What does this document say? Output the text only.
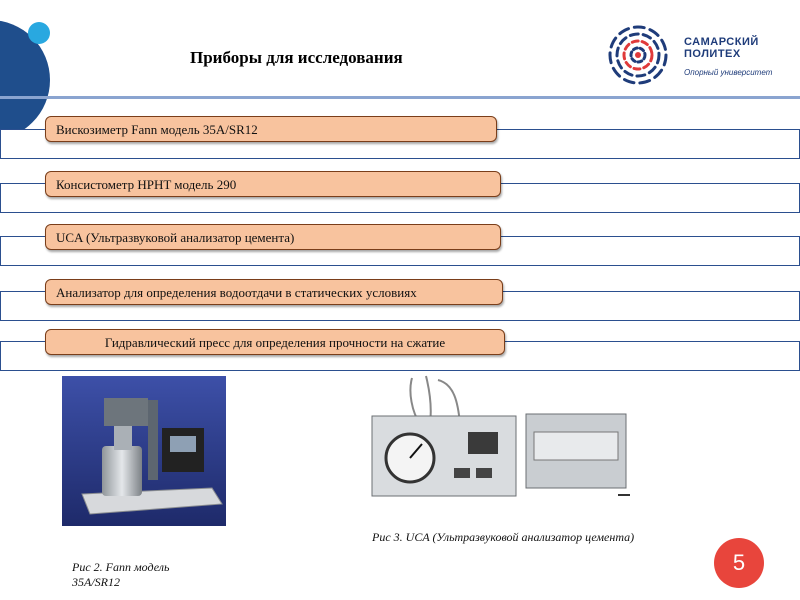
Приборы для исследования
САМАРСКИЙ
ПОЛИТЕХ
Опорный университет
Вискозиметр Fann модель 35A/SR12
Консистометр HPHT модель 290
UCA (Ультразвуковой анализатор цемента)
Анализатор для определения водоотдачи в статических условиях
Гидравлический пресс для определения прочности на сжатие
Рис 2. Fann модель 35A/SR12
Рис 3. UCA (Ультразвуковой анализатор цемента)
5
